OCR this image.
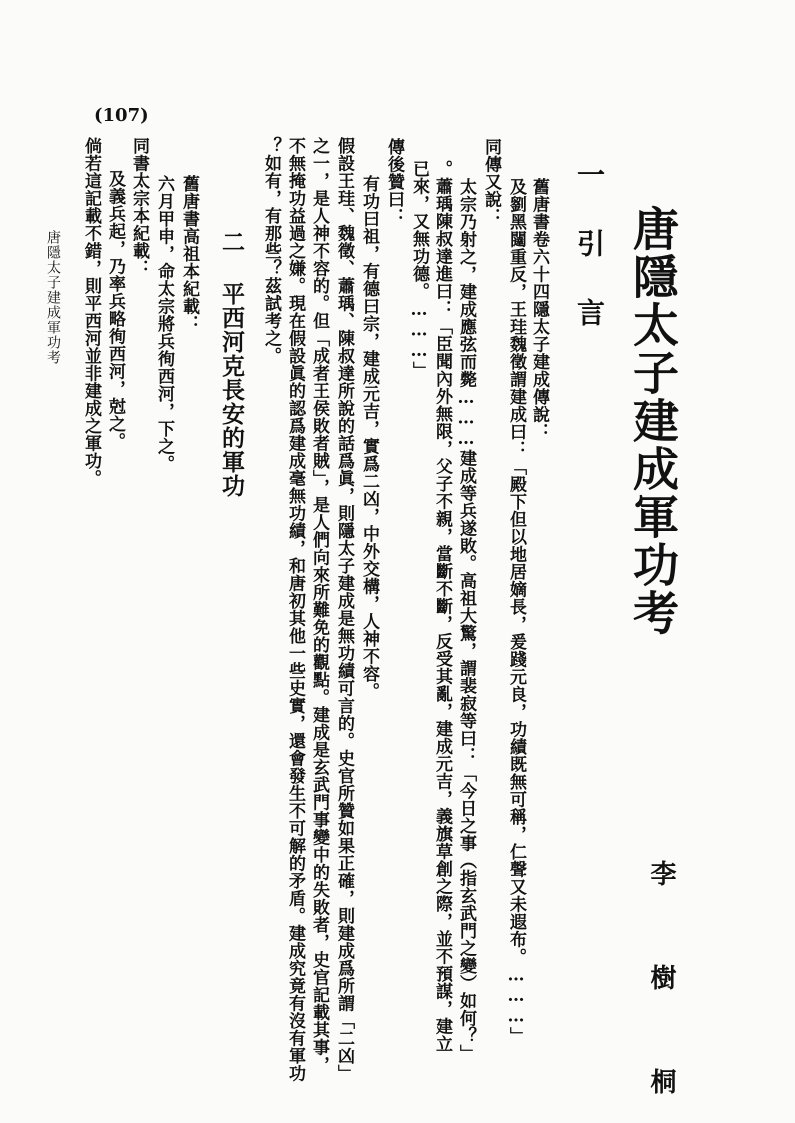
(107)
唐隱太子建成軍功考
李 樹 桐
一 引 言
舊唐書卷六十四隱太子建成傳說：
及劉黑闥重反，王珪魏徵謂建成曰：「殿下但以地居嫡長，爰踐元良，功績既無可稱，仁聲又未遐布。………」
同傳又說：
太宗乃射之，建成應弦而斃………建成等兵遂敗。高祖大驚，謂裴寂等曰：「今日之事（指玄武門之變）如何？」
。蕭瑀陳叔達進曰：「臣聞內外無限，父子不親，當斷不斷，反受其亂，建成元吉，義旗草創之際，並不預謀，建立
已來，又無功德。………」
傳後贊曰：
有功曰祖，有德曰宗，建成元吉，實爲二凶，中外交構，人神不容。
假設王珪、魏徵、蕭瑀、陳叔達所說的話爲眞，則隱太子建成是無功績可言的。史官所贊如果正確，則建成爲所謂「二凶」
之一，是人神不容的。但「成者王侯敗者賊」，是人們向來所難免的觀點。建成是玄武門事變中的失敗者，史官記載其事，
不無掩功益過之嫌。現在假設眞的認爲建成毫無功績，和唐初其他一些史實，還會發生不可解的矛盾。建成究竟有沒有軍功
？如有，有那些？茲試考之。
二 平西河克長安的軍功
舊唐書高祖本紀載：
六月甲申，命太宗將兵徇西河，下之。
同書太宗本紀載：
及義兵起，乃率兵略徇西河，尅之。
倘若這記載不錯，則平西河並非建成之軍功。
唐隱太子建成軍功考
